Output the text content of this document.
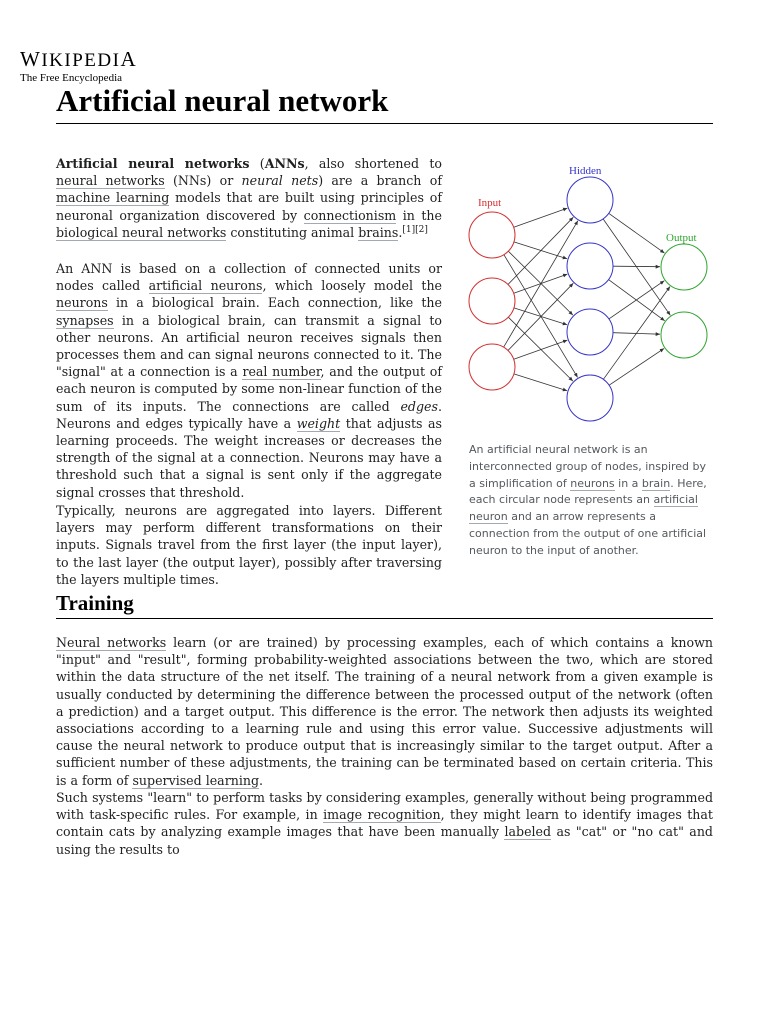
WIKIPEDIA
The Free Encyclopedia
Artificial neural network

Artificial neural networks (ANNs, also shortened to neural networks (NNs) or neural nets) are a branch of machine learning models that are built using principles of neuronal organization discovered by connectionism in the biological neural networks constituting animal brains.[1][2]

An ANN is based on a collection of connected units or nodes called artificial neurons, which loosely model the neurons in a biological brain. Each connection, like the synapses in a biological brain, can transmit a signal to other neurons. An artificial neuron receives signals then processes them and can signal neurons connected to it. The "signal" at a connection is a real number, and the output of each neuron is computed by some non-linear function of the sum of its inputs. The connections are called edges. Neurons and edges typically have a weight that adjusts as learning proceeds. The weight increases or decreases the strength of the signal at a connection. Neurons may have a threshold such that a signal is sent only if the aggregate signal crosses that threshold.

Typically, neurons are aggregated into layers. Different layers may perform different transformations on their inputs. Signals travel from the first layer (the input layer), to the last layer (the output layer), possibly after traversing the layers multiple times.

Input
Hidden
Output
An artificial neural network is an interconnected group of nodes, inspired by a simplification of neurons in a brain. Here, each circular node represents an artificial neuron and an arrow represents a connection from the output of one artificial neuron to the input of another.
Training

Neural networks learn (or are trained) by processing examples, each of which contains a known "input" and "result", forming probability-weighted associations between the two, which are stored within the data structure of the net itself. The training of a neural network from a given example is usually conducted by determining the difference between the processed output of the network (often a prediction) and a target output. This difference is the error. The network then adjusts its weighted associations according to a learning rule and using this error value. Successive adjustments will cause the neural network to produce output that is increasingly similar to the target output. After a sufficient number of these adjustments, the training can be terminated based on certain criteria. This is a form of supervised learning.

Such systems "learn" to perform tasks by considering examples, generally without being programmed with task-specific rules. For example, in image recognition, they might learn to identify images that contain cats by analyzing example images that have been manually labeled as "cat" or "no cat" and using the results to
